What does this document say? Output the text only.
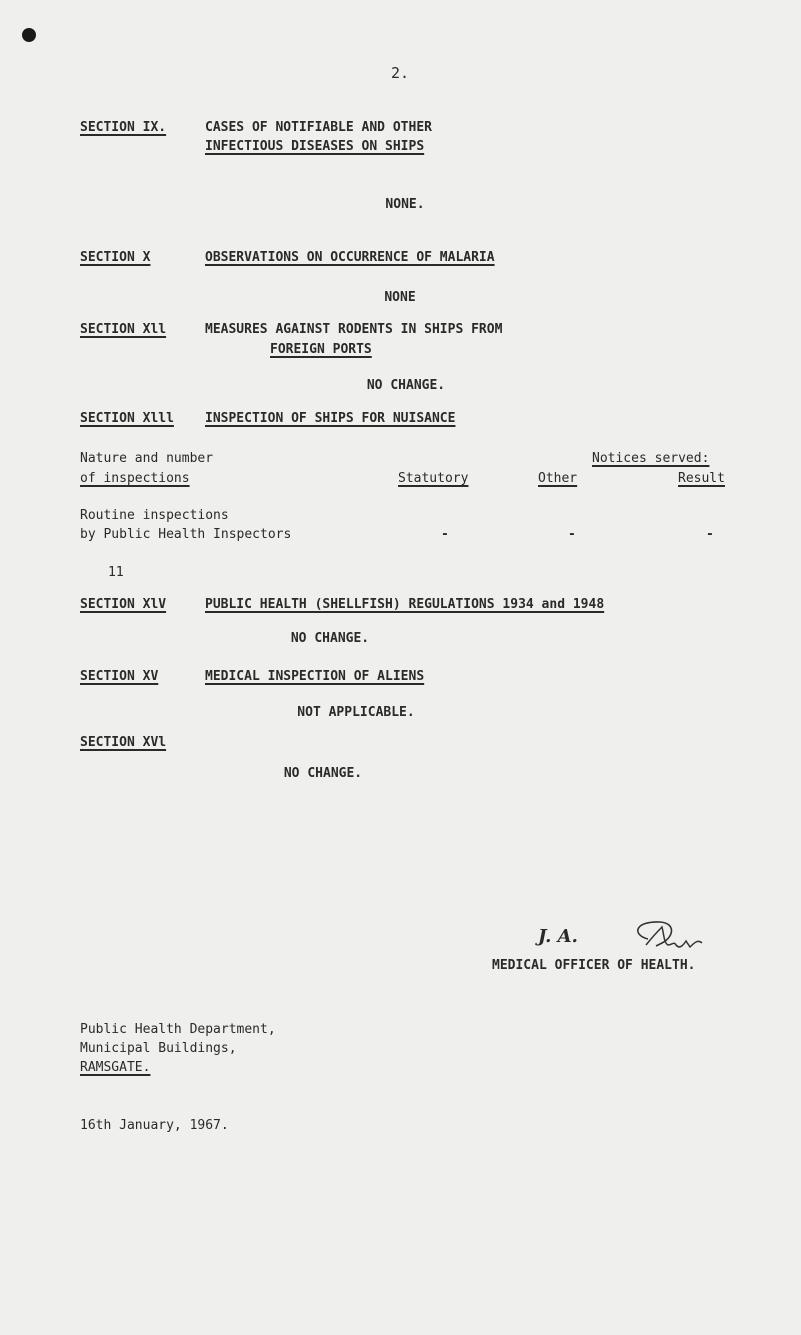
2.
SECTION IX.	CASES OF NOTIFIABLE AND OTHER
INFECTIOUS DISEASES ON SHIPS
NONE.
SECTION X	OBSERVATIONS ON OCCURRENCE OF MALARIA
NONE
SECTION Xll	MEASURES AGAINST RODENTS IN SHIPS FROM
FOREIGN PORTS
NO CHANGE.
SECTION Xlll INSPECTION OF SHIPS FOR NUISANCE
Nature and number
of inspections
Notices served:
Statutory	Other	Result
Routine inspections
by Public Health Inspectors	-	-	-
11
SECTION XlV	PUBLIC HEALTH (SHELLFISH) REGULATIONS 1934 and 1948
NO CHANGE.
SECTION XV	MEDICAL INSPECTION OF ALIENS
NOT APPLICABLE.
SECTION XVl
NO CHANGE.
J. A.
MEDICAL OFFICER OF HEALTH.
Public Health Department,
Municipal Buildings,
RAMSGATE.
16th January, 1967.
